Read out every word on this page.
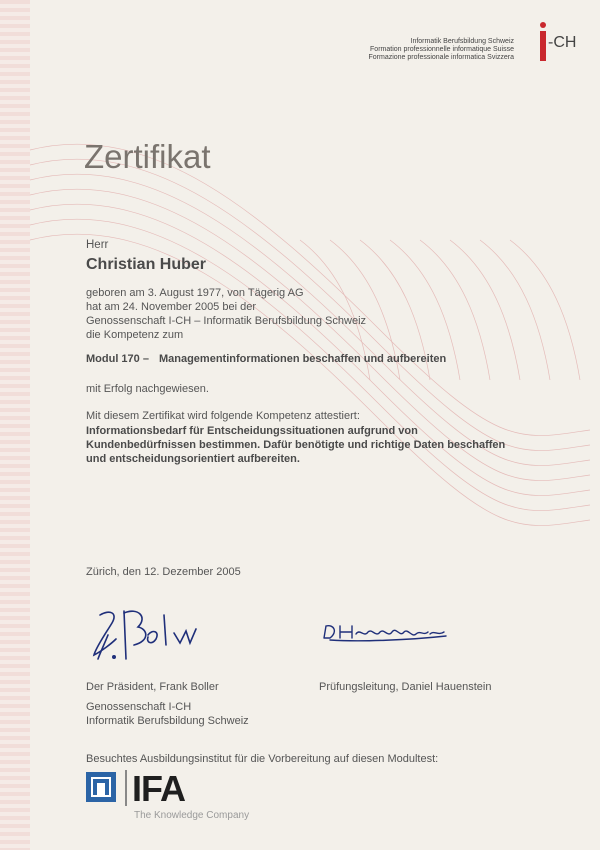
Informatik Berufsbildung Schweiz
Formation professionnelle informatique Suisse
Formazione professionale informatica Svizzera
-CH
Zertifikat
Herr
Christian Huber
geboren am 3. August 1977, von Tägerig AG
hat am 24. November 2005 bei der
Genossenschaft I-CH – Informatik Berufsbildung Schweiz
die Kompetenz zum
Modul 170 – Managementinformationen beschaffen und aufbereiten
mit Erfolg nachgewiesen.
Mit diesem Zertifikat wird folgende Kompetenz attestiert:
Informationsbedarf für Entscheidungssituationen aufgrund von
Kundenbedürfnissen bestimmen. Dafür benötigte und richtige Daten beschaffen
und entscheidungsorientiert aufbereiten.
Zürich, den 12. Dezember 2005
Der Präsident, Frank Boller
Genossenschaft I-CH
Informatik Berufsbildung Schweiz
Prüfungsleitung, Daniel Hauenstein
Besuchtes Ausbildungsinstitut für die Vorbereitung auf diesen Modultest:
IFA
The Knowledge Company
